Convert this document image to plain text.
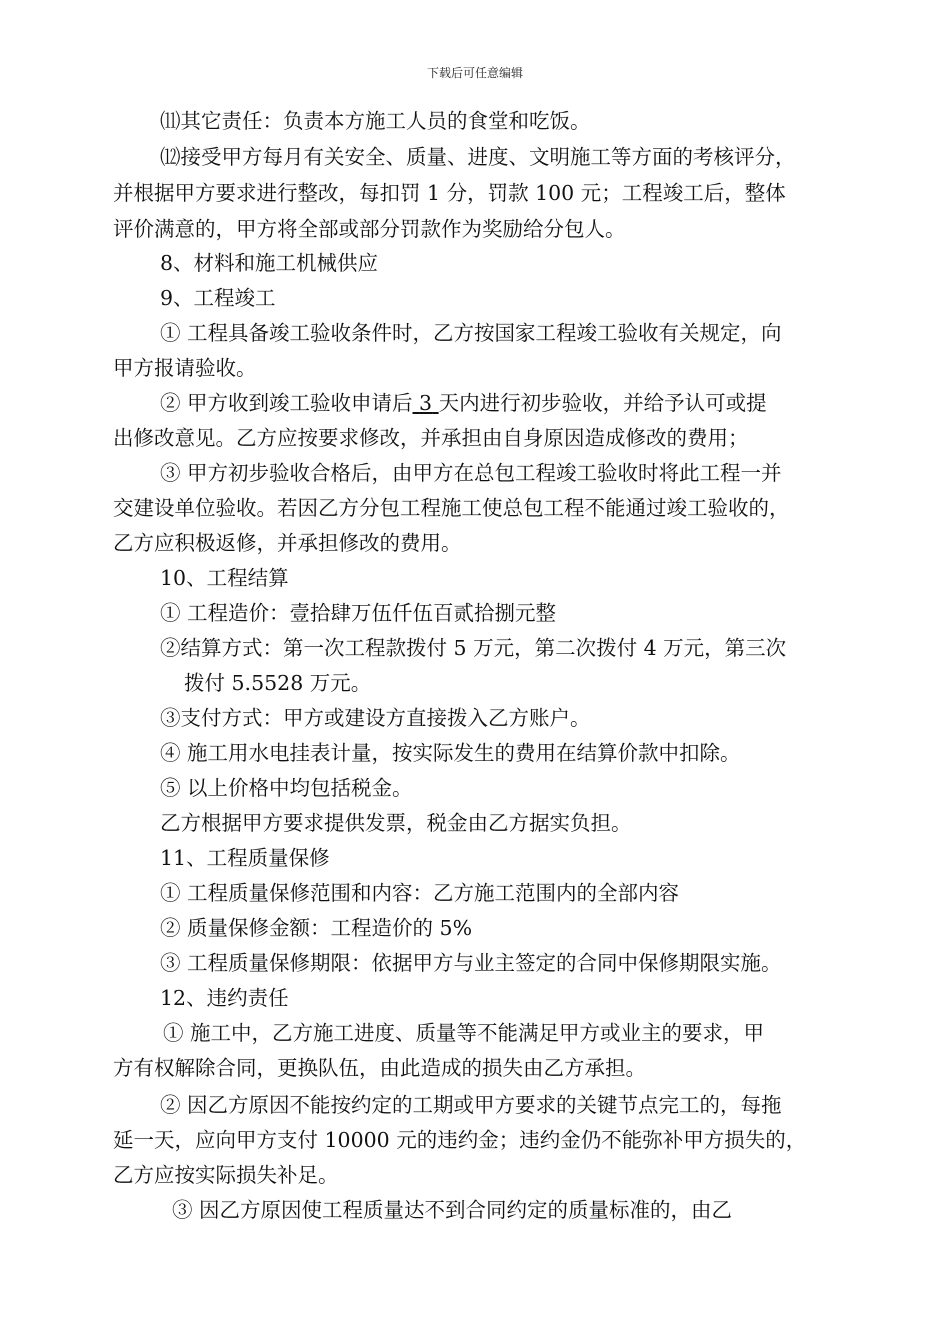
下载后可任意编辑
⑾其它责任：负责本方施工人员的食堂和吃饭。
⑿接受甲方每月有关安全、质量、进度、文明施工等方面的考核评分，
并根据甲方要求进行整改，每扣罚 1 分，罚款 100 元；工程竣工后，整体
评价满意的，甲方将全部或部分罚款作为奖励给分包人。
8、材料和施工机械供应
9、工程竣工
① 工程具备竣工验收条件时，乙方按国家工程竣工验收有关规定，向
甲方报请验收。
② 甲方收到竣工验收申请后 3 天内进行初步验收，并给予认可或提
出修改意见。乙方应按要求修改，并承担由自身原因造成修改的费用；
③ 甲方初步验收合格后，由甲方在总包工程竣工验收时将此工程一并
交建设单位验收。若因乙方分包工程施工使总包工程不能通过竣工验收的，
乙方应积极返修，并承担修改的费用。
10、工程结算
① 工程造价：壹拾肆万伍仟伍百贰拾捌元整
②结算方式：第一次工程款拨付 5 万元，第二次拨付 4 万元，第三次
拨付 5.5528 万元。
③支付方式：甲方或建设方直接拨入乙方账户。
④ 施工用水电挂表计量，按实际发生的费用在结算价款中扣除。
⑤ 以上价格中均包括税金。
乙方根据甲方要求提供发票，税金由乙方据实负担。
11、工程质量保修
① 工程质量保修范围和内容：乙方施工范围内的全部内容
② 质量保修金额：工程造价的 5%
③ 工程质量保修期限：依据甲方与业主签定的合同中保修期限实施。
12、违约责任
① 施工中，乙方施工进度、质量等不能满足甲方或业主的要求，甲
方有权解除合同，更换队伍，由此造成的损失由乙方承担。
② 因乙方原因不能按约定的工期或甲方要求的关键节点完工的，每拖
延一天，应向甲方支付 10000 元的违约金；违约金仍不能弥补甲方损失的，
乙方应按实际损失补足。
③ 因乙方原因使工程质量达不到合同约定的质量标准的，由乙
